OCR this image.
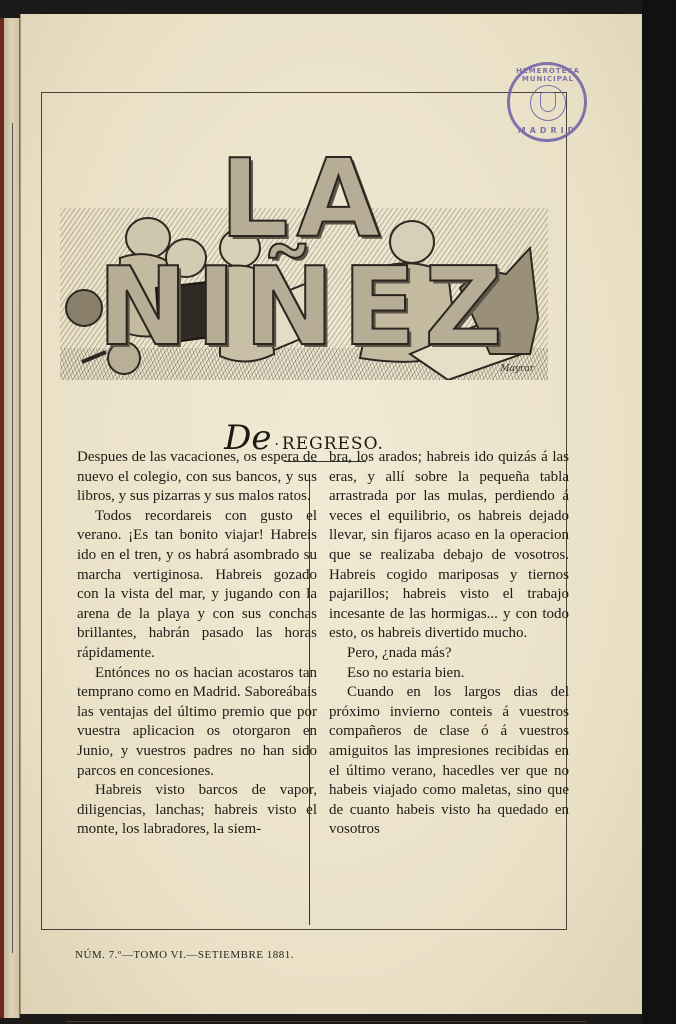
LA NIÑEZ
Mayrar
De · REGRESO.
HEMEROTECA MUNICIPAL
MADRID

Despues de las vacaciones, os espera de nuevo el colegio, con sus bancos, y sus libros, y sus pizarras y sus malos ratos.

Todos recordareis con gusto el verano. ¡Es tan bonito viajar! Habreis ido en el tren, y os habrá asombrado su marcha vertiginosa. Habreis gozado con la vista del mar, y jugando con la arena de la playa y con sus conchas brillantes, habrán pasado las horas rápidamente.

Entónces no os hacian acostaros tan temprano como en Madrid. Saboreábais las ventajas del último premio que por vuestra aplicacion os otorgaron en Junio, y vuestros padres no han sido parcos en concesiones.

Habreis visto barcos de vapor, diligencias, lanchas; habreis visto el monte, los labradores, la siem-

bra, los arados; habreis ido quizás á las eras, y allí sobre la pequeña tabla arrastrada por las mulas, perdiendo á veces el equilibrio, os habreis dejado llevar, sin fijaros acaso en la operacion que se realizaba debajo de vosotros. Habreis cogido mariposas y tiernos pajarillos; habreis visto el trabajo incesante de las hormigas... y con todo esto, os habreis divertido mucho.

Pero, ¿nada más?

Eso no estaria bien.

Cuando en los largos dias del próximo invierno conteis á vuestros compañeros de clase ó á vuestros amiguitos las impresiones recibidas en el último verano, hacedles ver que no habeis viajado como maletas, sino que de cuanto habeis visto ha quedado en vosotros

NÚM. 7.º—TOMO VI.—SETIEMBRE 1881.
